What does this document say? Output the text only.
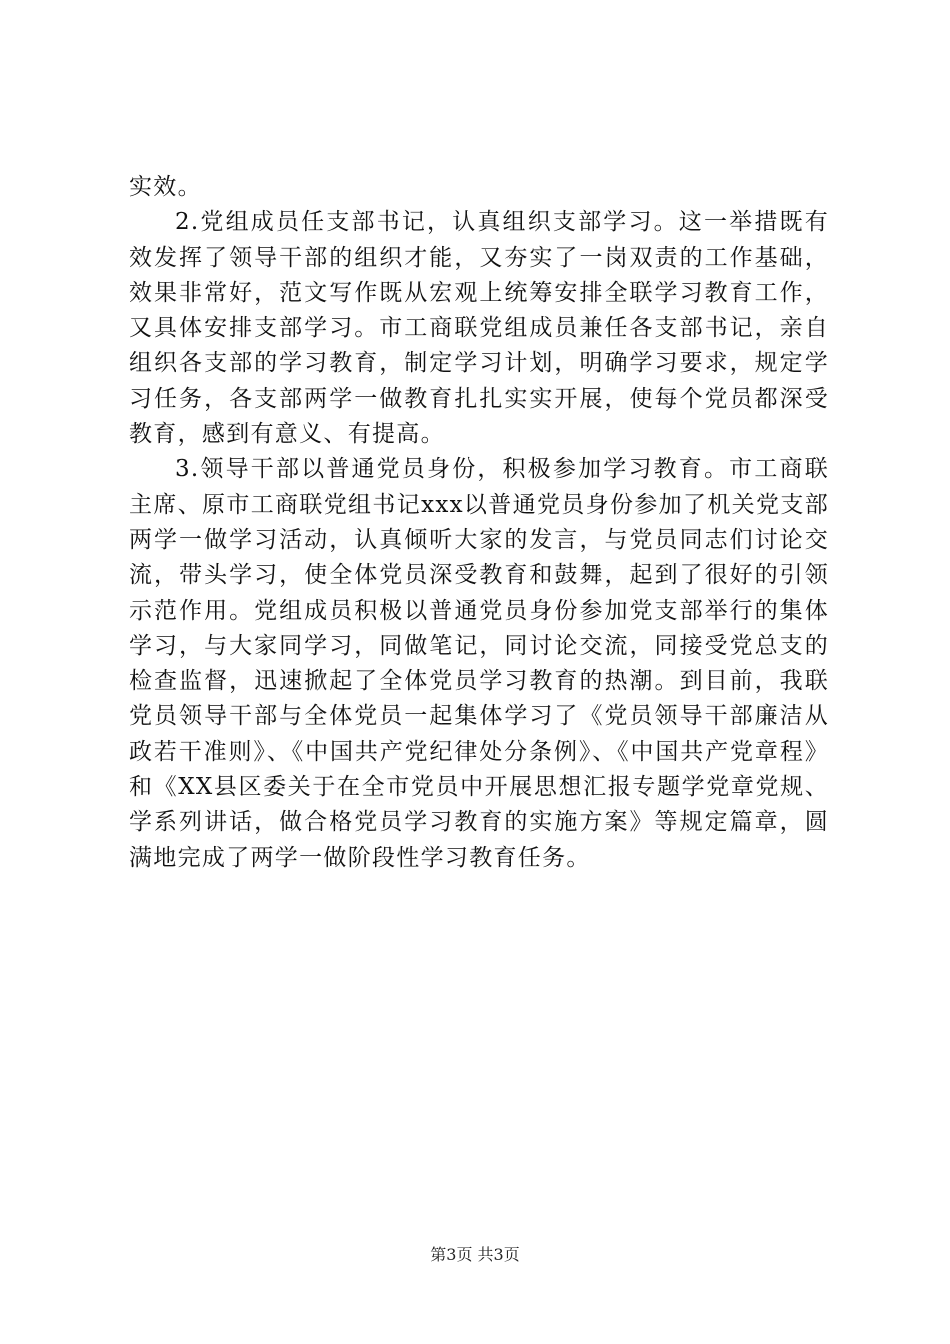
实效。

2.党组成员任支部书记，认真组织支部学习。这一举措既有效发挥了领导干部的组织才能，又夯实了一岗双责的工作基础，效果非常好，范文写作既从宏观上统筹安排全联学习教育工作，又具体安排支部学习。市工商联党组成员兼任各支部书记，亲自组织各支部的学习教育，制定学习计划，明确学习要求，规定学习任务，各支部两学一做教育扎扎实实开展，使每个党员都深受教育，感到有意义、有提高。

3.领导干部以普通党员身份，积极参加学习教育。市工商联主席、原市工商联党组书记xxx以普通党员身份参加了机关党支部两学一做学习活动，认真倾听大家的发言，与党员同志们讨论交流，带头学习，使全体党员深受教育和鼓舞，起到了很好的引领示范作用。党组成员积极以普通党员身份参加党支部举行的集体学习，与大家同学习，同做笔记，同讨论交流，同接受党总支的检查监督，迅速掀起了全体党员学习教育的热潮。到目前，我联党员领导干部与全体党员一起集体学习了《党员领导干部廉洁从政若干准则》、《中国共产党纪律处分条例》、《中国共产党章程》和《XX县区委关于在全市党员中开展思想汇报专题学党章党规、学系列讲话，做合格党员学习教育的实施方案》等规定篇章，圆满地完成了两学一做阶段性学习教育任务。

第3页 共3页
